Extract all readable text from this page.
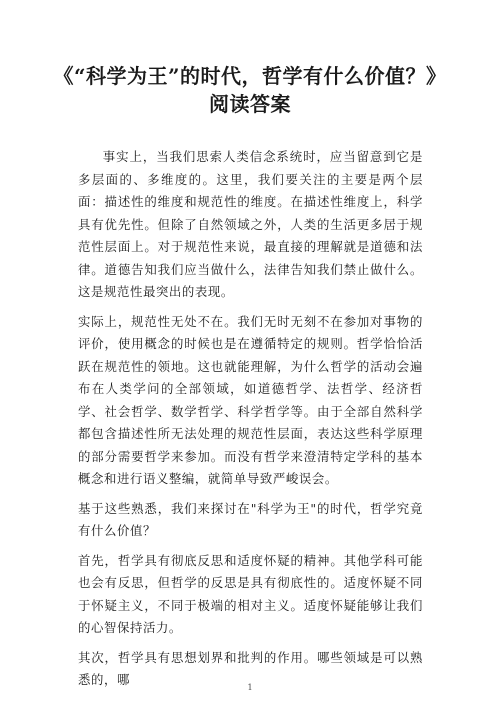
《“科学为王”的时代，哲学有什么价值？》
阅读答案

事实上，当我们思索人类信念系统时，应当留意到它是多层面的、多维度的。这里，我们要关注的主要是两个层面：描述性的维度和规范性的维度。在描述性维度上，科学具有优先性。但除了自然领域之外，人类的生活更多居于规范性层面上。对于规范性来说，最直接的理解就是道德和法律。道德告知我们应当做什么，法律告知我们禁止做什么。这是规范性最突出的表现。

实际上，规范性无处不在。我们无时无刻不在参加对事物的评价，使用概念的时候也是在遵循特定的规则。哲学恰恰活跃在规范性的领地。这也就能理解，为什么哲学的活动会遍布在人类学问的全部领域，如道德哲学、法哲学、经济哲学、社会哲学、数学哲学、科学哲学等。由于全部自然科学都包含描述性所无法处理的规范性层面，表达这些科学原理的部分需要哲学来参加。而没有哲学来澄清特定学科的基本概念和进行语义整编，就简单导致严峻误会。

基于这些熟悉，我们来探讨在"科学为王"的时代，哲学究竟有什么价值？

首先，哲学具有彻底反思和适度怀疑的精神。其他学科可能也会有反思，但哲学的反思是具有彻底性的。适度怀疑不同于怀疑主义，不同于极端的相对主义。适度怀疑能够让我们的心智保持活力。

其次，哲学具有思想划界和批判的作用。哪些领域是可以熟悉的，哪

1
